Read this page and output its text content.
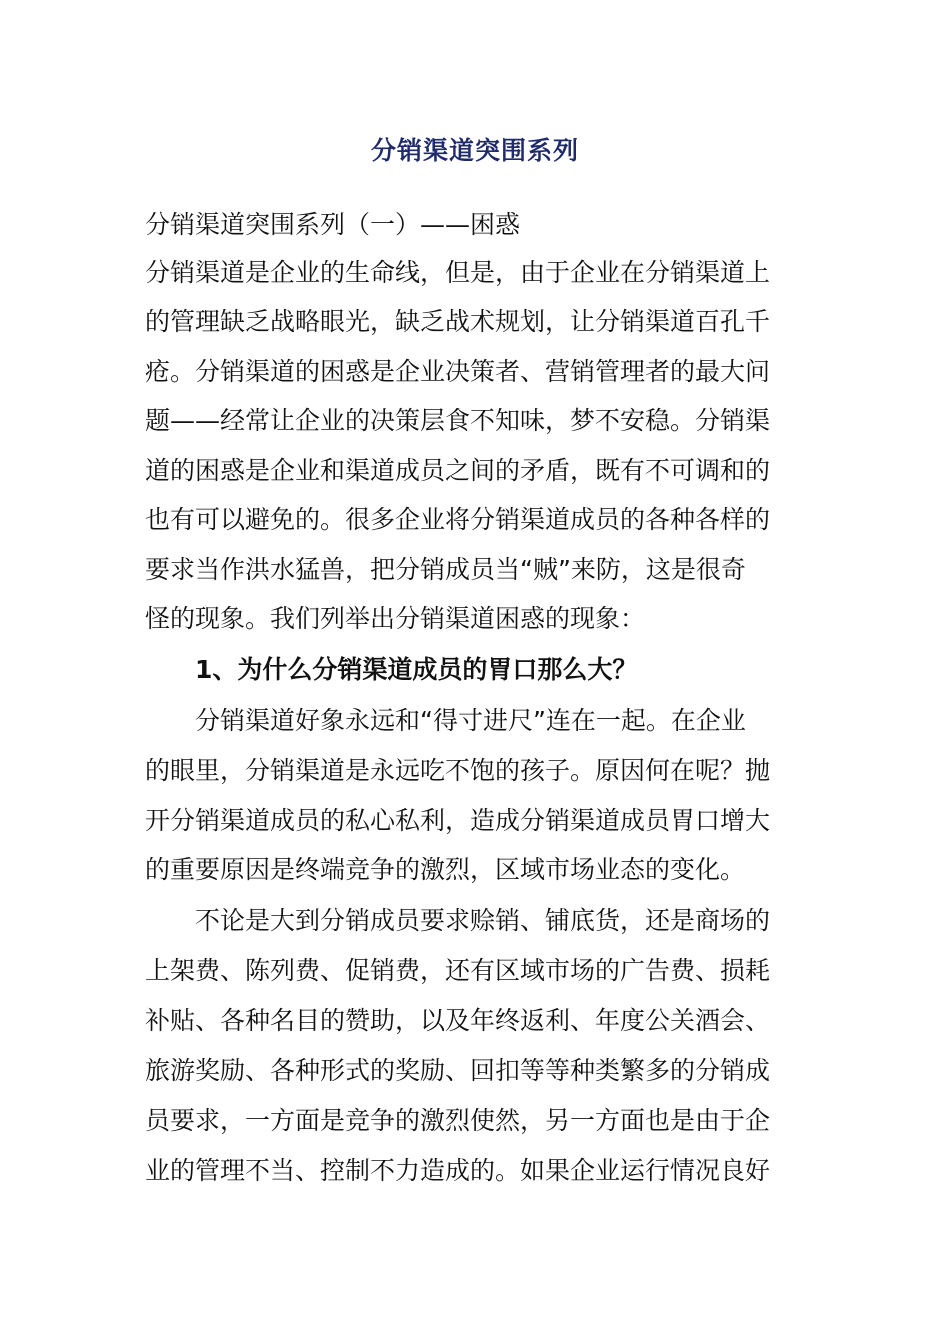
分销渠道突围系列
分销渠道突围系列（一）——困惑
分销渠道是企业的生命线，但是，由于企业在分销渠道上
的管理缺乏战略眼光，缺乏战术规划，让分销渠道百孔千
疮。分销渠道的困惑是企业决策者、营销管理者的最大问
题——经常让企业的决策层食不知味，梦不安稳。分销渠
道的困惑是企业和渠道成员之间的矛盾，既有不可调和的
也有可以避免的。很多企业将分销渠道成员的各种各样的
要求当作洪水猛兽，把分销成员当“贼”来防，这是很奇
怪的现象。我们列举出分销渠道困惑的现象：
1、为什么分销渠道成员的胃口那么大？
分销渠道好象永远和“得寸进尺”连在一起。在企业
的眼里，分销渠道是永远吃不饱的孩子。原因何在呢？抛
开分销渠道成员的私心私利，造成分销渠道成员胃口增大
的重要原因是终端竞争的激烈，区域市场业态的变化。
不论是大到分销成员要求赊销、铺底货，还是商场的
上架费、陈列费、促销费，还有区域市场的广告费、损耗
补贴、各种名目的赞助，以及年终返利、年度公关酒会、
旅游奖励、各种形式的奖励、回扣等等种类繁多的分销成
员要求，一方面是竞争的激烈使然，另一方面也是由于企
业的管理不当、控制不力造成的。如果企业运行情况良好
